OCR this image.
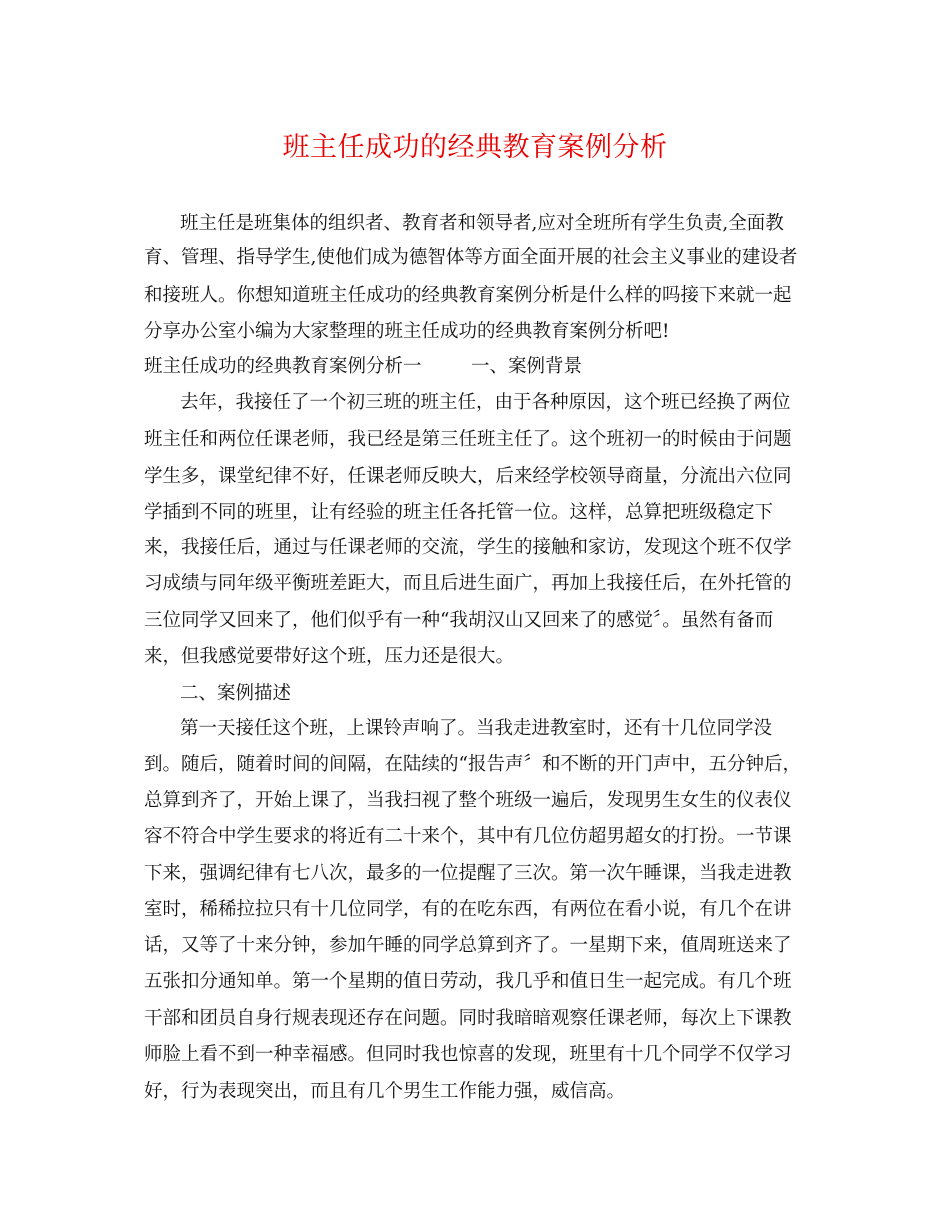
班主任成功的经典教育案例分析
班主任是班集体的组织者、教育者和领导者,应对全班所有学生负责,全面教
育、管理、指导学生,使他们成为德智体等方面全面开展的社会主义事业的建设者
和接班人。你想知道班主任成功的经典教育案例分析是什么样的吗接下来就一起
分享办公室小编为大家整理的班主任成功的经典教育案例分析吧!
班主任成功的经典教育案例分析一	一、案例背景
去年，我接任了一个初三班的班主任，由于各种原因，这个班已经换了两位
班主任和两位任课老师，我已经是第三任班主任了。这个班初一的时候由于问题
学生多，课堂纪律不好，任课老师反映大，后来经学校领导商量，分流出六位同
学插到不同的班里，让有经验的班主任各托管一位。这样，总算把班级稳定下
来，我接任后，通过与任课老师的交流，学生的接触和家访，发现这个班不仅学
习成绩与同年级平衡班差距大，而且后进生面广，再加上我接任后，在外托管的
三位同学又回来了，他们似乎有一种“我胡汉山又回来了的感觉〞。虽然有备而
来，但我感觉要带好这个班，压力还是很大。
二、案例描述
第一天接任这个班，上课铃声响了。当我走进教室时，还有十几位同学没
到。随后，随着时间的间隔，在陆续的“报告声〞和不断的开门声中，五分钟后，
总算到齐了，开始上课了，当我扫视了整个班级一遍后，发现男生女生的仪表仪
容不符合中学生要求的将近有二十来个，其中有几位仿超男超女的打扮。一节课
下来，强调纪律有七八次，最多的一位提醒了三次。第一次午睡课，当我走进教
室时，稀稀拉拉只有十几位同学，有的在吃东西，有两位在看小说，有几个在讲
话，又等了十来分钟，参加午睡的同学总算到齐了。一星期下来，值周班送来了
五张扣分通知单。第一个星期的值日劳动，我几乎和值日生一起完成。有几个班
干部和团员自身行规表现还存在问题。同时我暗暗观察任课老师，每次上下课教
师脸上看不到一种幸福感。但同时我也惊喜的发现，班里有十几个同学不仅学习
好，行为表现突出，而且有几个男生工作能力强，威信高。
